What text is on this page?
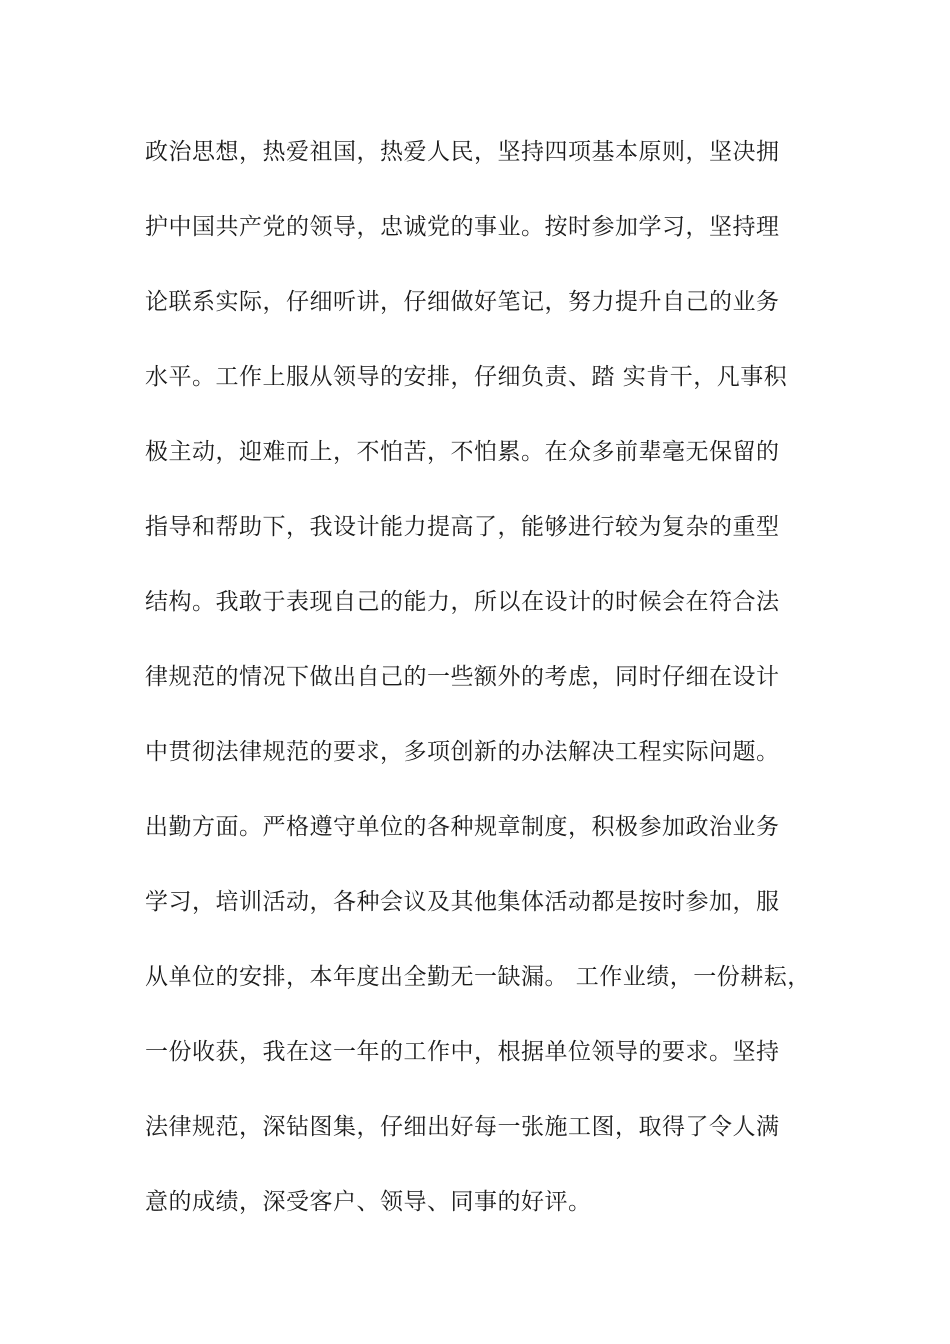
政治思想，热爱祖国，热爱人民，坚持四项基本原则，坚决拥
护中国共产党的领导，忠诚党的事业。按时参加学习，坚持理
论联系实际，仔细听讲，仔细做好笔记，努力提升自己的业务
水平。工作上服从领导的安排，仔细负责、踏 实肯干，凡事积
极主动，迎难而上，不怕苦，不怕累。在众多前辈毫无保留的
指导和帮助下，我设计能力提高了，能够进行较为复杂的重型
结构。我敢于表现自己的能力，所以在设计的时候会在符合法
律规范的情况下做出自己的一些额外的考虑，同时仔细在设计
中贯彻法律规范的要求，多项创新的办法解决工程实际问题。
出勤方面。严格遵守单位的各种规章制度，积极参加政治业务
学习，培训活动，各种会议及其他集体活动都是按时参加，服
从单位的安排，本年度出全勤无一缺漏。 工作业绩，一份耕耘，
一份收获，我在这一年的工作中，根据单位领导的要求。坚持
法律规范，深钻图集，仔细出好每一张施工图，取得了令人满
意的成绩，深受客户、领导、同事的好评。
